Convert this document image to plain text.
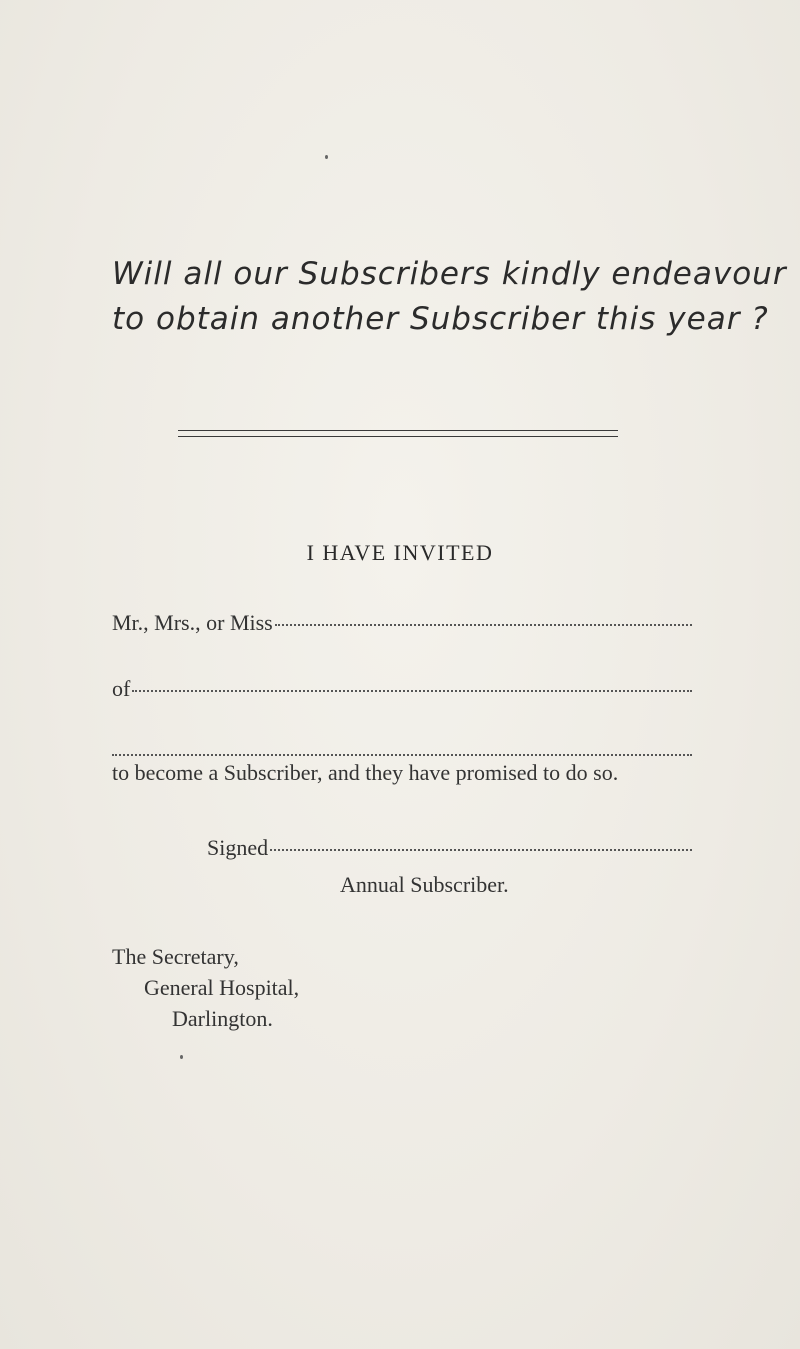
Will all our Subscribers kindly endeavour
to obtain another Subscriber this year ?
I HAVE INVITED
Mr., Mrs., or Miss
of
to become a Subscriber, and they have promised to do so.
Signed
Annual Subscriber.
The Secretary,
General Hospital,
Darlington.
